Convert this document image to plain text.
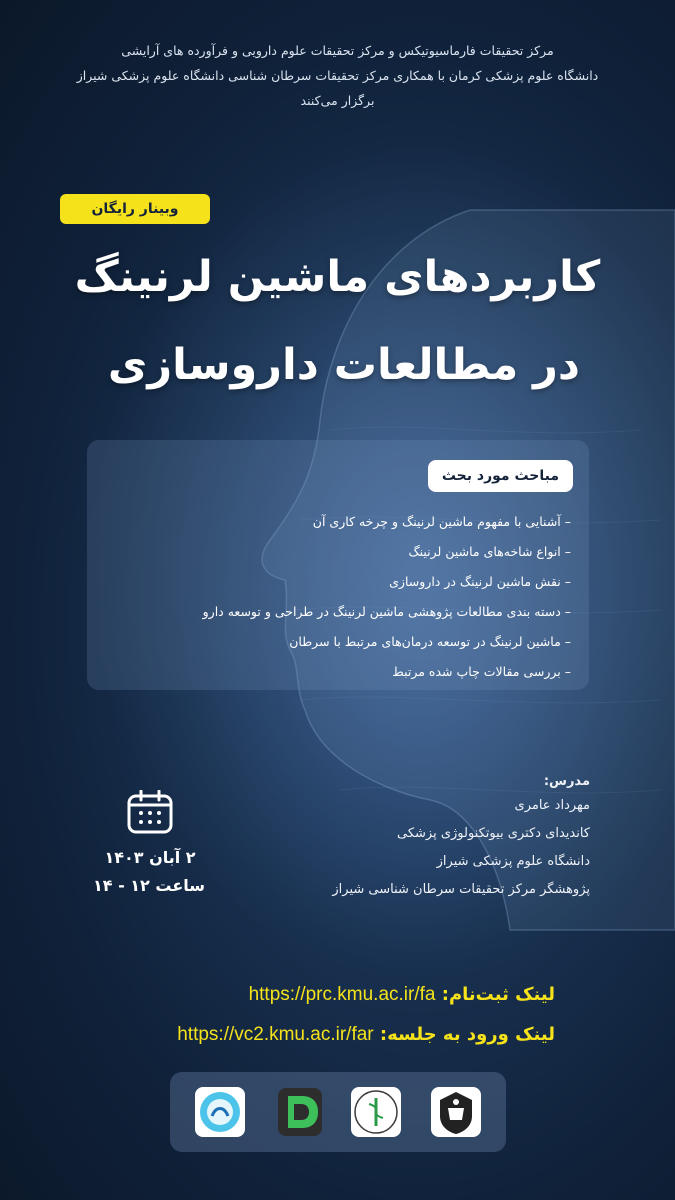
مرکز تحقیقات فارماسیوتیکس و مرکز تحقیقات علوم دارویی و فرآورده های آرایشی
دانشگاه علوم پزشکی کرمان با همکاری مرکز تحقیقات سرطان شناسی دانشگاه علوم پزشکی شیراز
برگزار می‌کنند
وبینار رایگان
کاربردهای ماشین لرنینگ
در مطالعات داروسازی
مباحث مورد بحث
– آشنایی با مفهوم ماشین لرنینگ و چرخه کاری آن
– انواع شاخه‌های ماشین لرنینگ
– نقش ماشین لرنینگ در داروسازی
– دسته بندی مطالعات پژوهشی ماشین لرنینگ در طراحی و توسعه دارو
– ماشین لرنینگ در توسعه درمان‌های مرتبط با سرطان
– بررسی مقالات چاپ شده مرتبط
مدرس:
مهرداد عامری
کاندیدای دکتری بیوتکنولوژی پزشکی
دانشگاه علوم پزشکی شیراز
پژوهشگر مرکز تحقیقات سرطان شناسی شیراز
۲ آبان ۱۴۰۳
ساعت ۱۲ - ۱۴
لینک ثبت‌نام: https://prc.kmu.ac.ir/fa
لینک ورود به جلسه: https://vc2.kmu.ac.ir/far
